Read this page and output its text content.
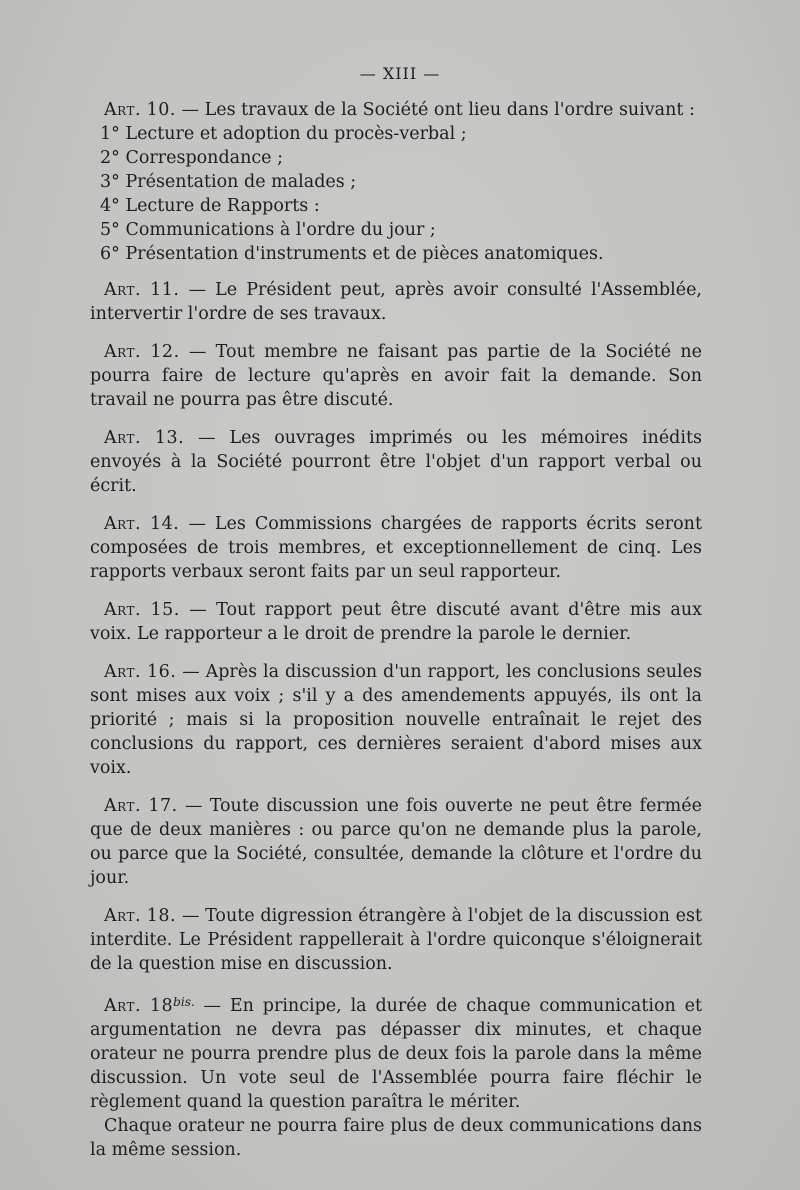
— XIII —

Art. 10. — Les travaux de la Société ont lieu dans l'ordre suivant :

1° Lecture et adoption du procès-verbal ;
2° Correspondance ;
3° Présentation de malades ;
4° Lecture de Rapports :
5° Communications à l'ordre du jour ;
6° Présentation d'instruments et de pièces anatomiques.

Art. 11. — Le Président peut, après avoir consulté l'Assemblée, intervertir l'ordre de ses travaux.

Art. 12. — Tout membre ne faisant pas partie de la Société ne pourra faire de lecture qu'après en avoir fait la demande. Son travail ne pourra pas être discuté.

Art. 13. — Les ouvrages imprimés ou les mémoires inédits envoyés à la Société pourront être l'objet d'un rapport verbal ou écrit.

Art. 14. — Les Commissions chargées de rapports écrits seront composées de trois membres, et exceptionnellement de cinq. Les rapports verbaux seront faits par un seul rapporteur.

Art. 15. — Tout rapport peut être discuté avant d'être mis aux voix. Le rapporteur a le droit de prendre la parole le dernier.

Art. 16. — Après la discussion d'un rapport, les conclusions seules sont mises aux voix ; s'il y a des amendements appuyés, ils ont la priorité ; mais si la proposition nouvelle entraînait le rejet des conclusions du rapport, ces dernières seraient d'abord mises aux voix.

Art. 17. — Toute discussion une fois ouverte ne peut être fermée que de deux manières : ou parce qu'on ne demande plus la parole, ou parce que la Société, consultée, demande la clôture et l'ordre du jour.

Art. 18. — Toute digression étrangère à l'objet de la discussion est interdite. Le Président rappellerait à l'ordre quiconque s'éloignerait de la question mise en discussion.

Art. $18^{bis.}$ — En principe, la durée de chaque communication et argumentation ne devra pas dépasser dix minutes, et chaque orateur ne pourra prendre plus de deux fois la parole dans la même discussion. Un vote seul de l'Assemblée pourra faire fléchir le règlement quand la question paraîtra le mériter.

Chaque orateur ne pourra faire plus de deux communications dans la même session.
